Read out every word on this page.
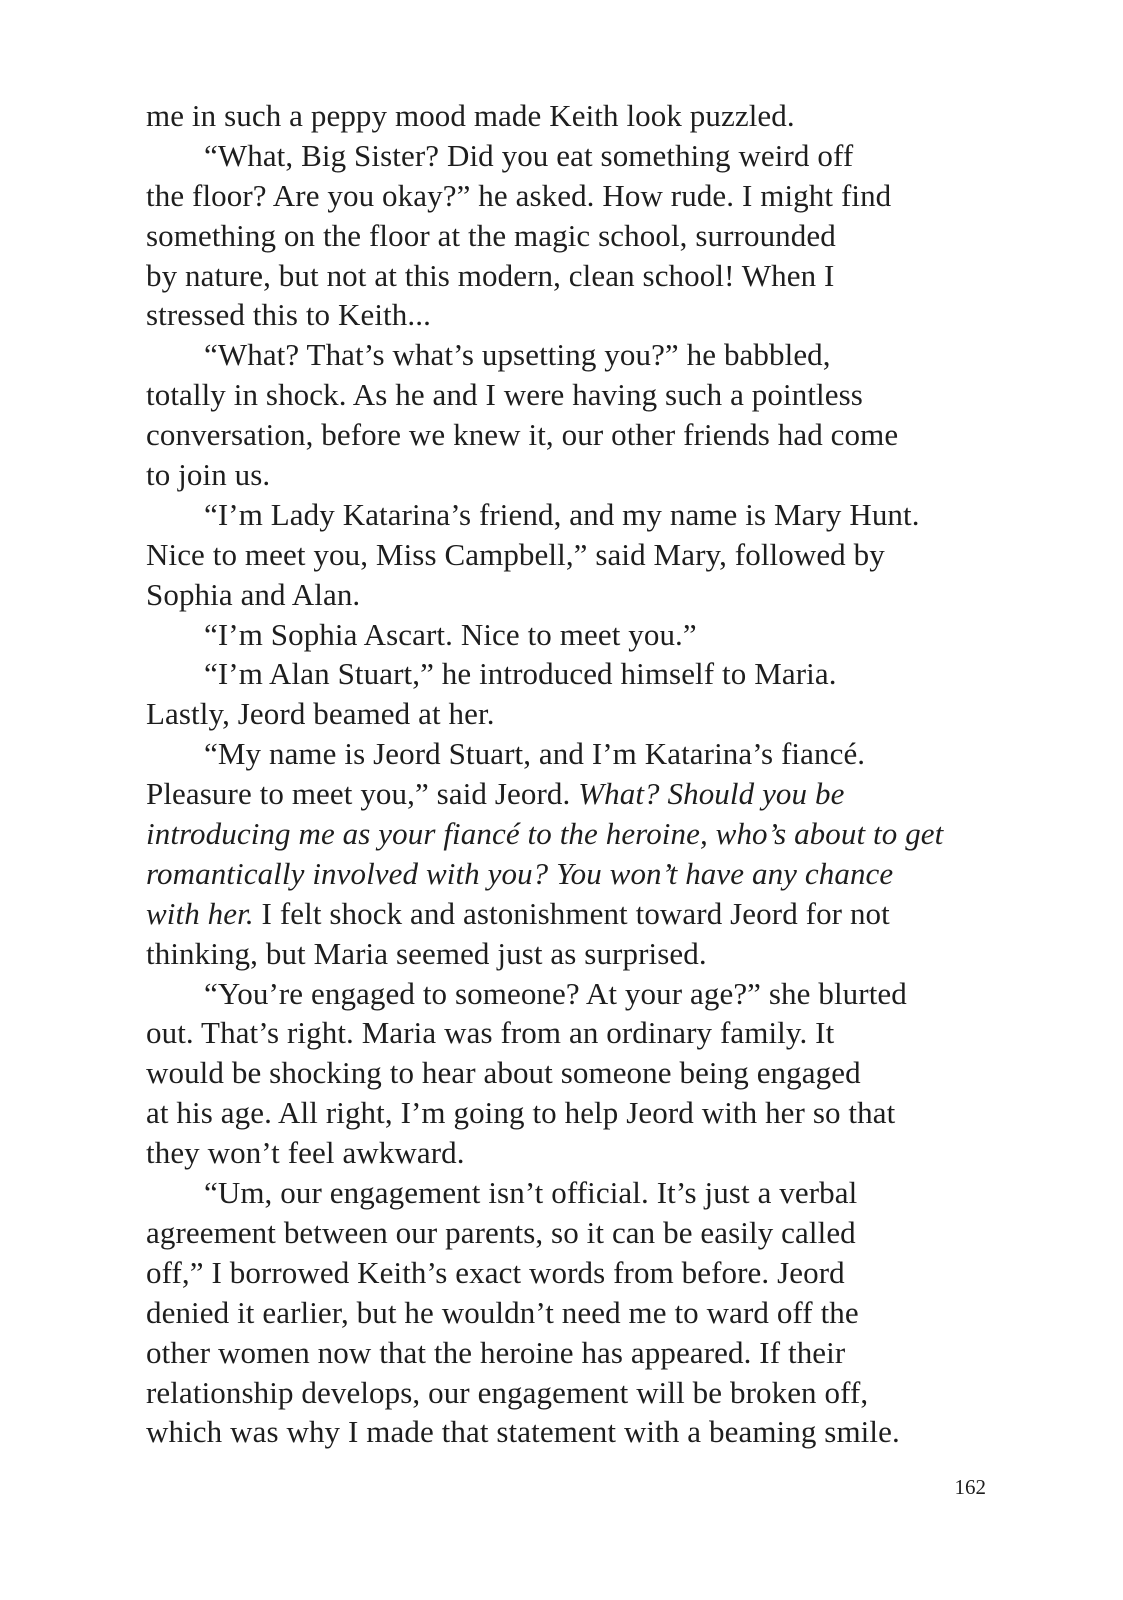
me in such a peppy mood made Keith look puzzled.
“What, Big Sister? Did you eat something weird off
the floor? Are you okay?” he asked. How rude. I might find
something on the floor at the magic school, surrounded
by nature, but not at this modern, clean school! When I
stressed this to Keith...
“What? That’s what’s upsetting you?” he babbled,
totally in shock. As he and I were having such a pointless
conversation, before we knew it, our other friends had come
to join us.
“I’m Lady Katarina’s friend, and my name is Mary Hunt.
Nice to meet you, Miss Campbell,” said Mary, followed by
Sophia and Alan.
“I’m Sophia Ascart. Nice to meet you.”
“I’m Alan Stuart,” he introduced himself to Maria.
Lastly, Jeord beamed at her.
“My name is Jeord Stuart, and I’m Katarina’s fiancé.
Pleasure to meet you,” said Jeord. What? Should you be
introducing me as your fiancé to the heroine, who’s about to get
romantically involved with you? You won’t have any chance
with her. I felt shock and astonishment toward Jeord for not
thinking, but Maria seemed just as surprised.
“You’re engaged to someone? At your age?” she blurted
out. That’s right. Maria was from an ordinary family. It
would be shocking to hear about someone being engaged
at his age. All right, I’m going to help Jeord with her so that
they won’t feel awkward.
“Um, our engagement isn’t official. It’s just a verbal
agreement between our parents, so it can be easily called
off,” I borrowed Keith’s exact words from before. Jeord
denied it earlier, but he wouldn’t need me to ward off the
other women now that the heroine has appeared. If their
relationship develops, our engagement will be broken off,
which was why I made that statement with a beaming smile.
162
